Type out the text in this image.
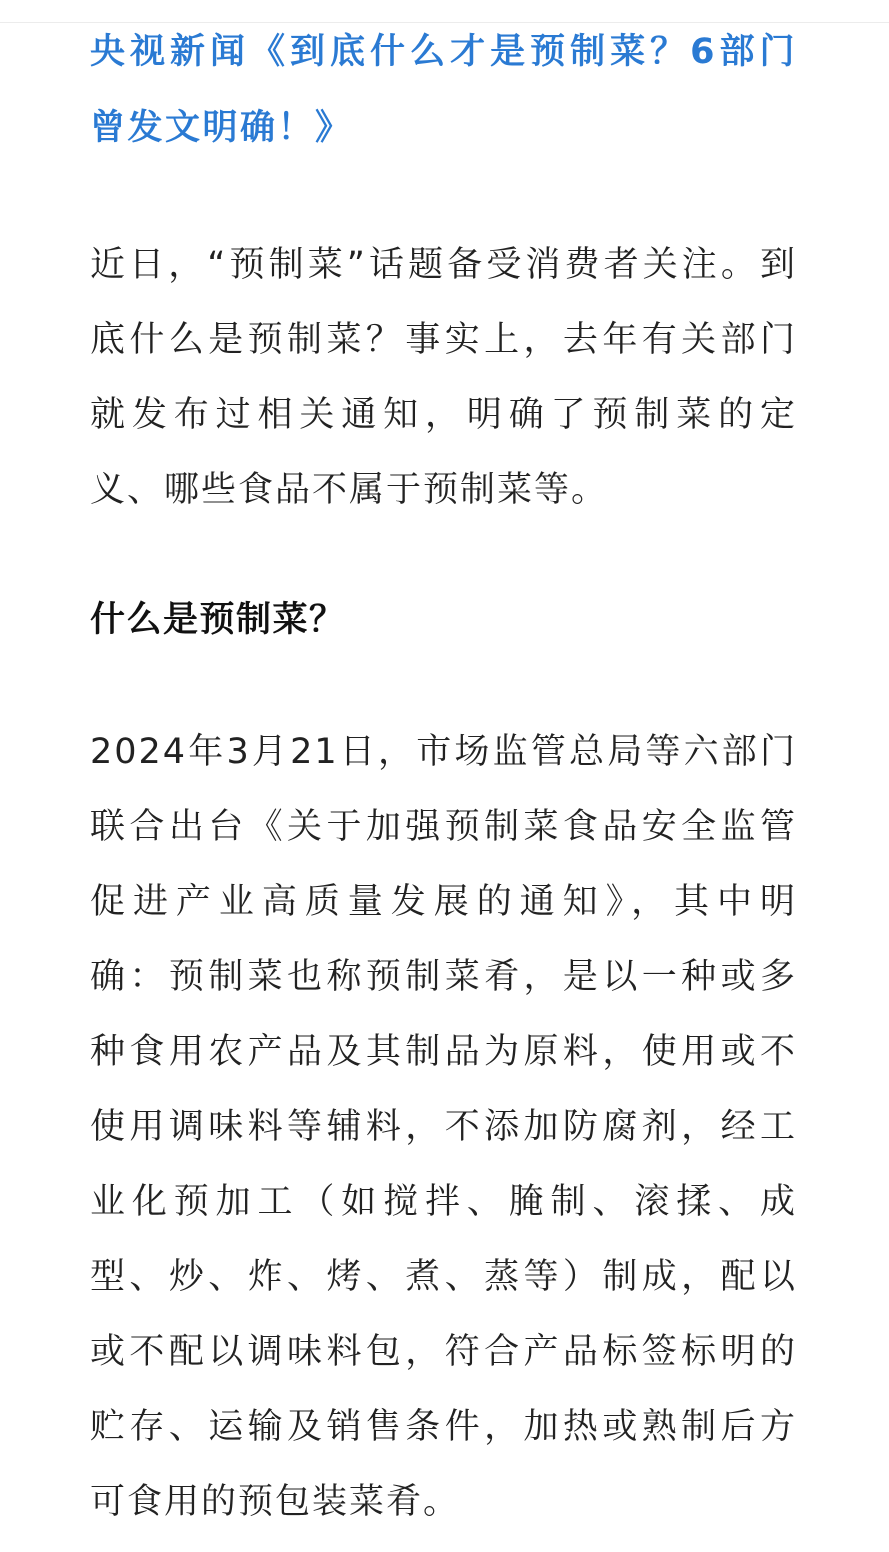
央视新闻《到底什么才是预制菜？6部门
曾发文明确！》
近日，“预制菜”话题备受消费者关注。到
底什么是预制菜？事实上，去年有关部门
就发布过相关通知，明确了预制菜的定
义、哪些食品不属于预制菜等。
什么是预制菜？
2024年3月21日，市场监管总局等六部门
联合出台《关于加强预制菜食品安全监管
促进产业高质量发展的通知》，其中明
确：预制菜也称预制菜肴，是以一种或多
种食用农产品及其制品为原料，使用或不
使用调味料等辅料，不添加防腐剂，经工
业化预加工（如搅拌、腌制、滚揉、成
型、炒、炸、烤、煮、蒸等）制成，配以
或不配以调味料包，符合产品标签标明的
贮存、运输及销售条件，加热或熟制后方
可食用的预包装菜肴。
